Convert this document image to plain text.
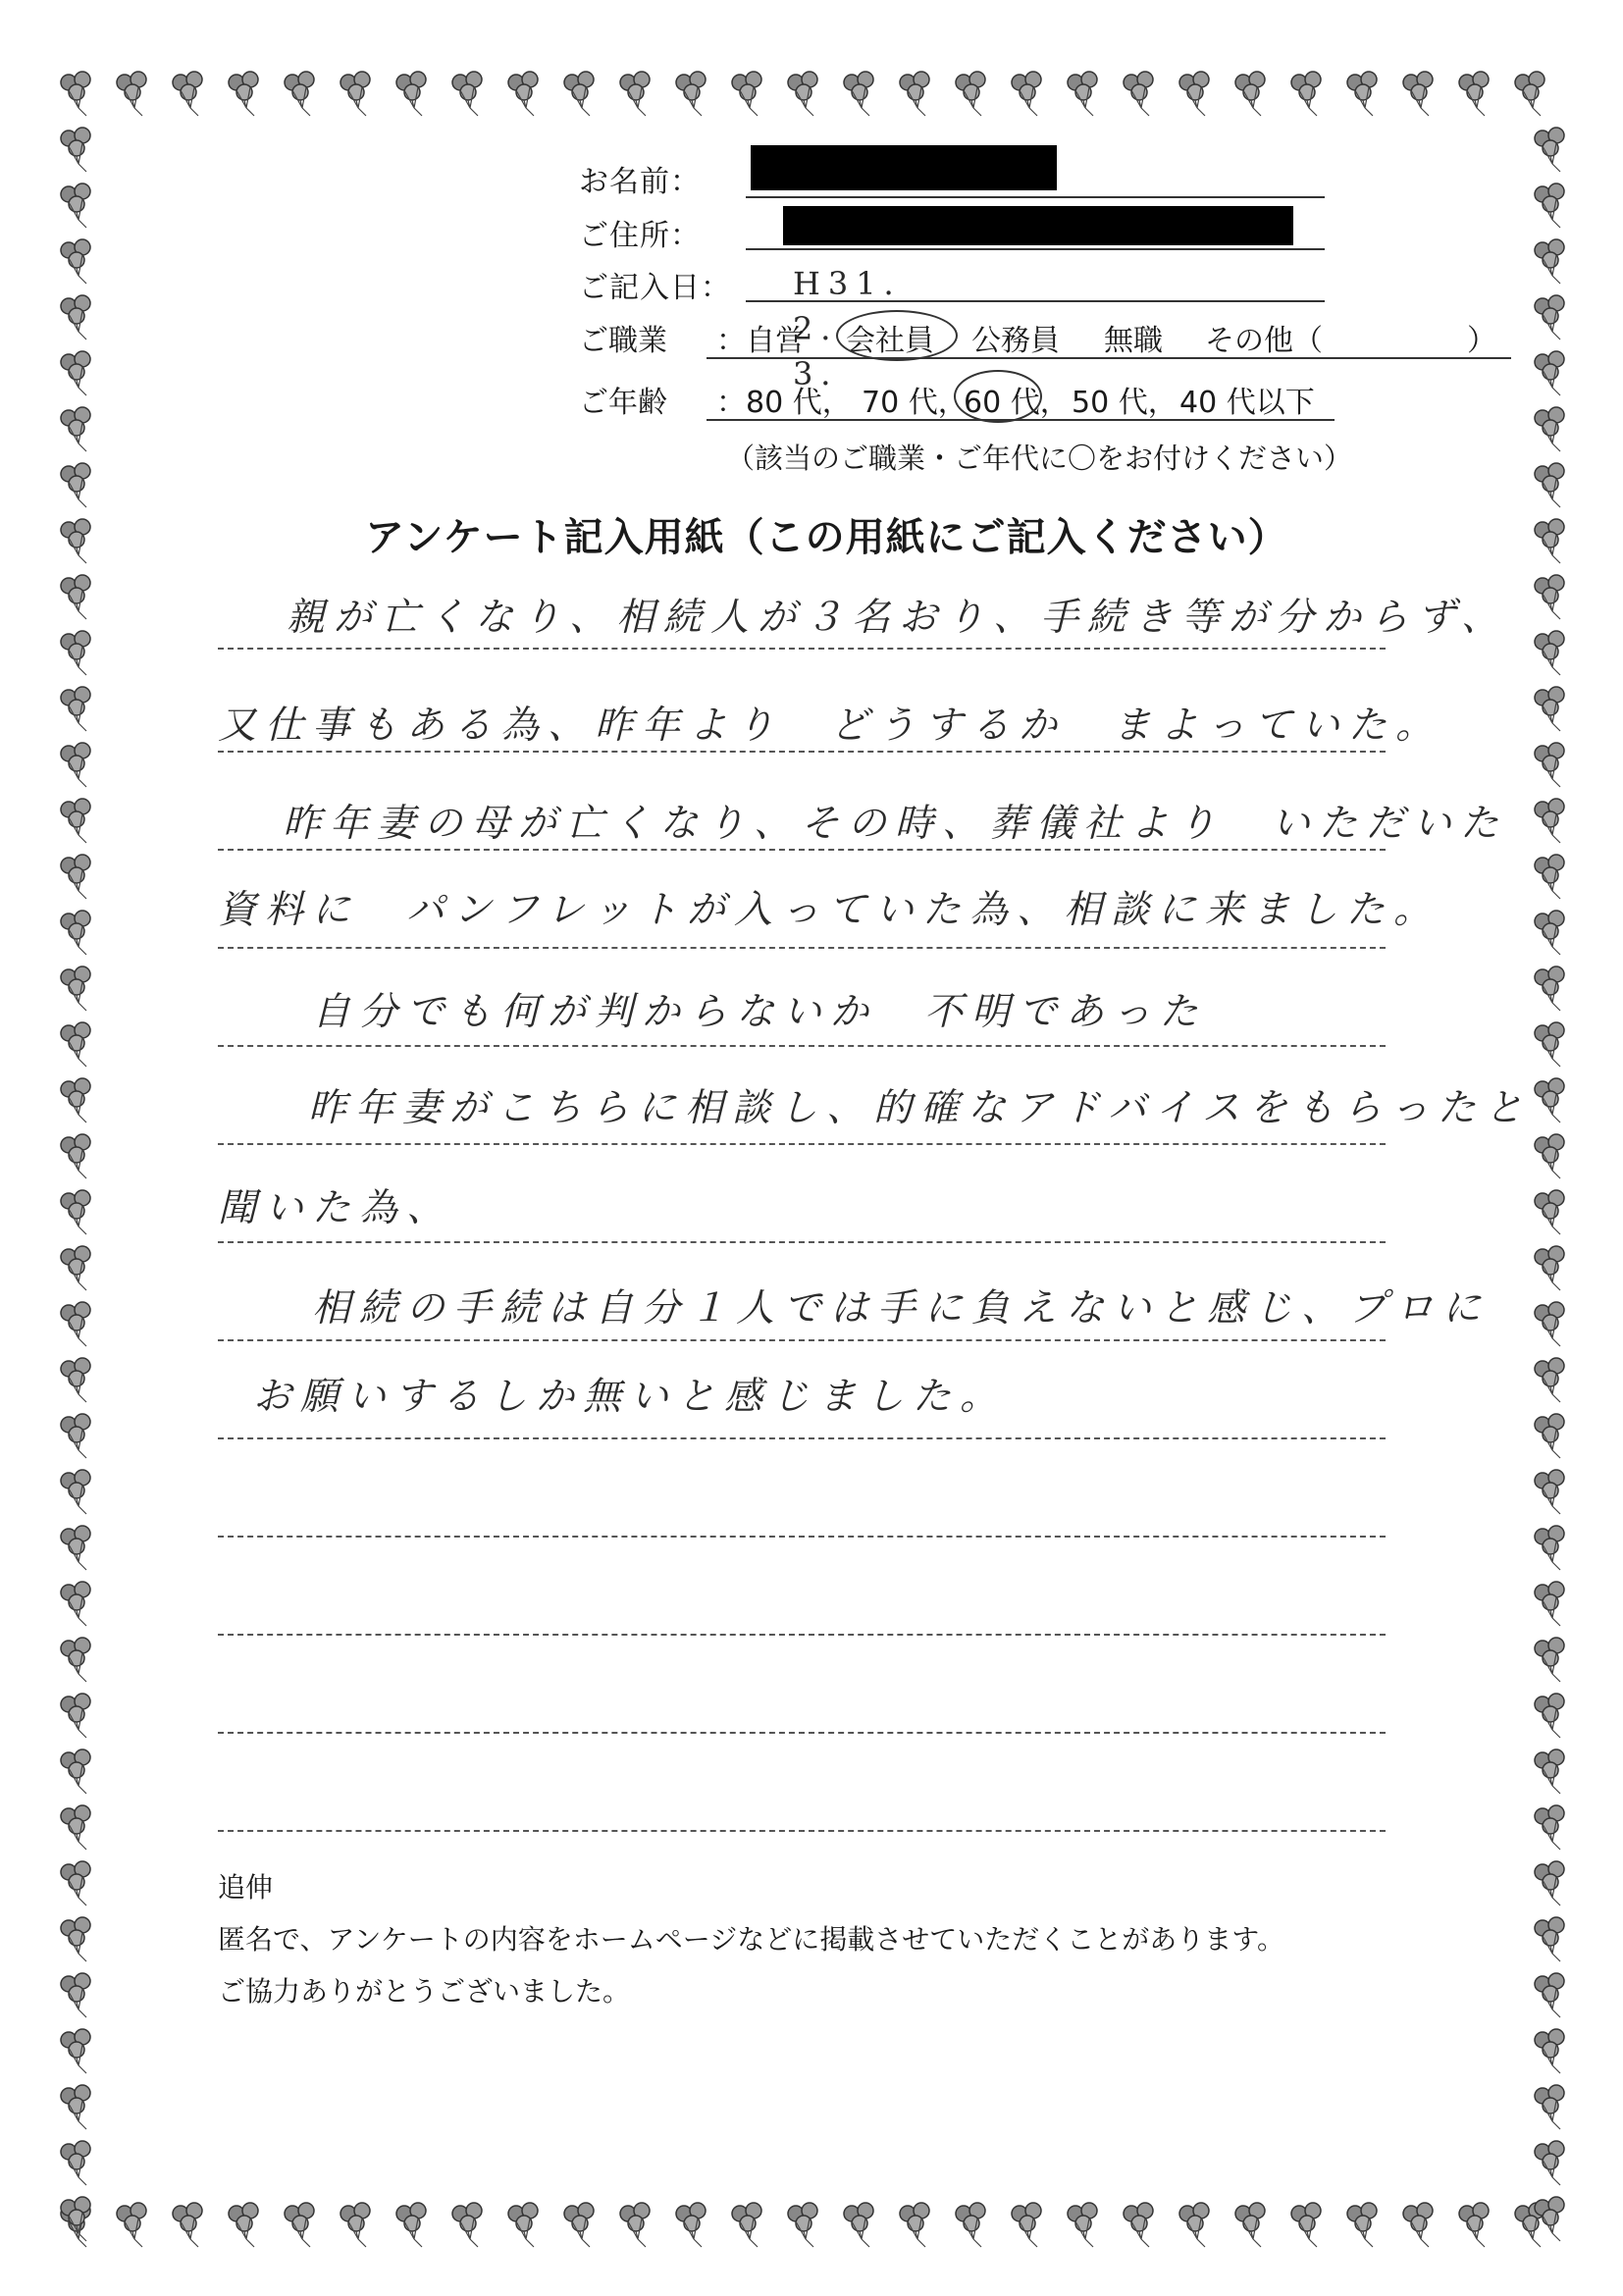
お名前：
ご住所：
ご記入日： H31．2．3．
ご職業 ： 自営 会社員 公務員 無職 その他（	）
ご年齢 ： 80 代， 70 代，
60 代， 50 代， 40 代以下
（該当のご職業・ご年代に〇をお付けください）
アンケート記入用紙（この用紙にご記入ください）
親が亡くなり、相続人が３名おり、手続き等が分からず、
又仕事もある為、昨年より　どうするか　まよっていた。
昨年妻の母が亡くなり、その時、葬儀社より　いただいた
資料に　パンフレットが入っていた為、相談に来ました。
自分でも何が判からないか　不明であった
昨年妻がこちらに相談し、的確なアドバイスをもらったと
聞いた為、
相続の手続は自分１人では手に負えないと感じ、プロに
お願いするしか無いと感じました。
追伸
匿名で、アンケートの内容をホームページなどに掲載させていただくことがあります。
ご協力ありがとうございました。
